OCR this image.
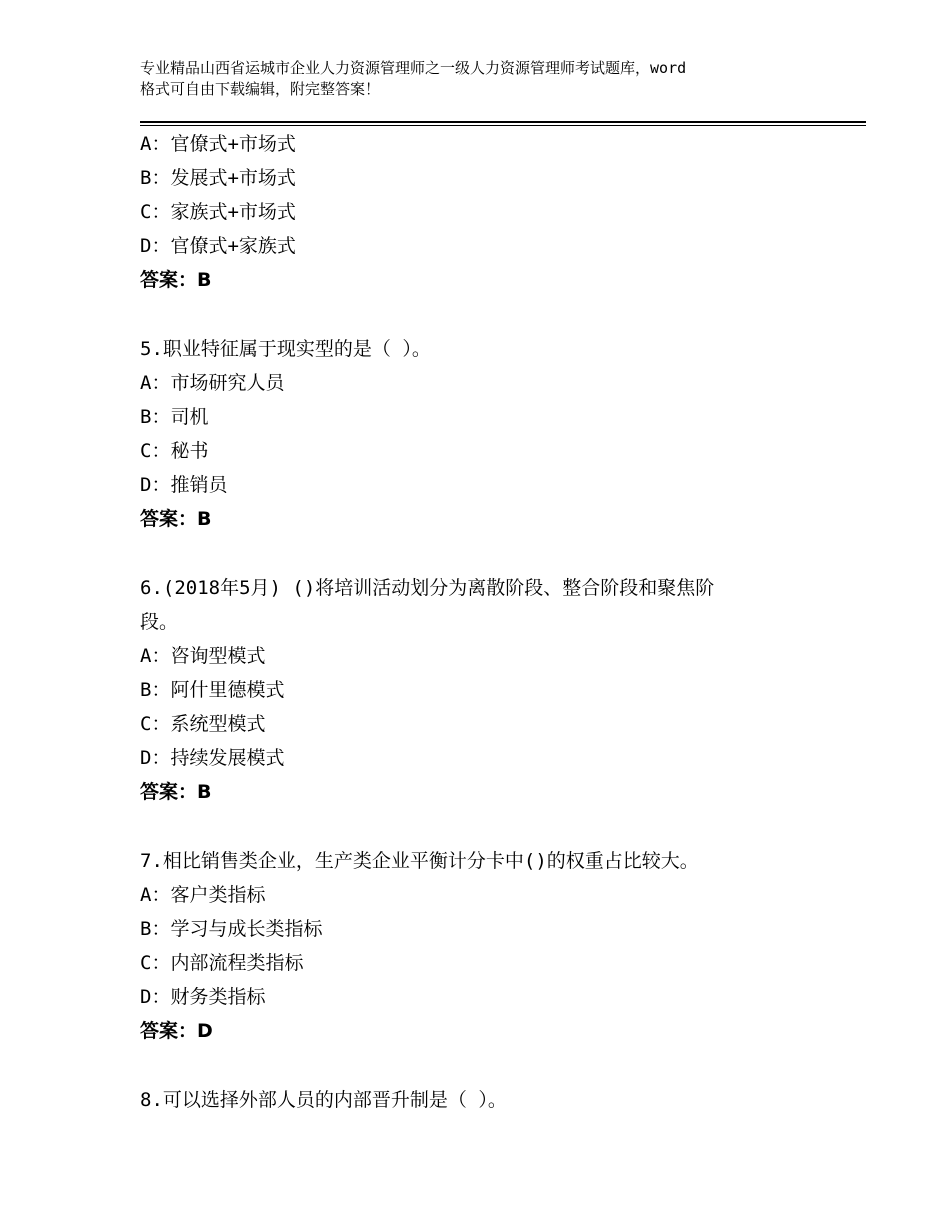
专业精品山西省运城市企业人力资源管理师之一级人力资源管理师考试题库，word
格式可自由下载编辑，附完整答案！
A：官僚式+市场式
B：发展式+市场式
C：家族式+市场式
D：官僚式+家族式
答案：B
5.职业特征属于现实型的是（ ）。
A：市场研究人员
B：司机
C：秘书
D：推销员
答案：B
6.(2018年5月) ()将培训活动划分为离散阶段、整合阶段和聚焦阶
段。
A：咨询型模式
B：阿什里德模式
C：系统型模式
D：持续发展模式
答案：B
7.相比销售类企业，生产类企业平衡计分卡中()的权重占比较大。
A：客户类指标
B：学习与成长类指标
C：内部流程类指标
D：财务类指标
答案：D
8.可以选择外部人员的内部晋升制是（ ）。
